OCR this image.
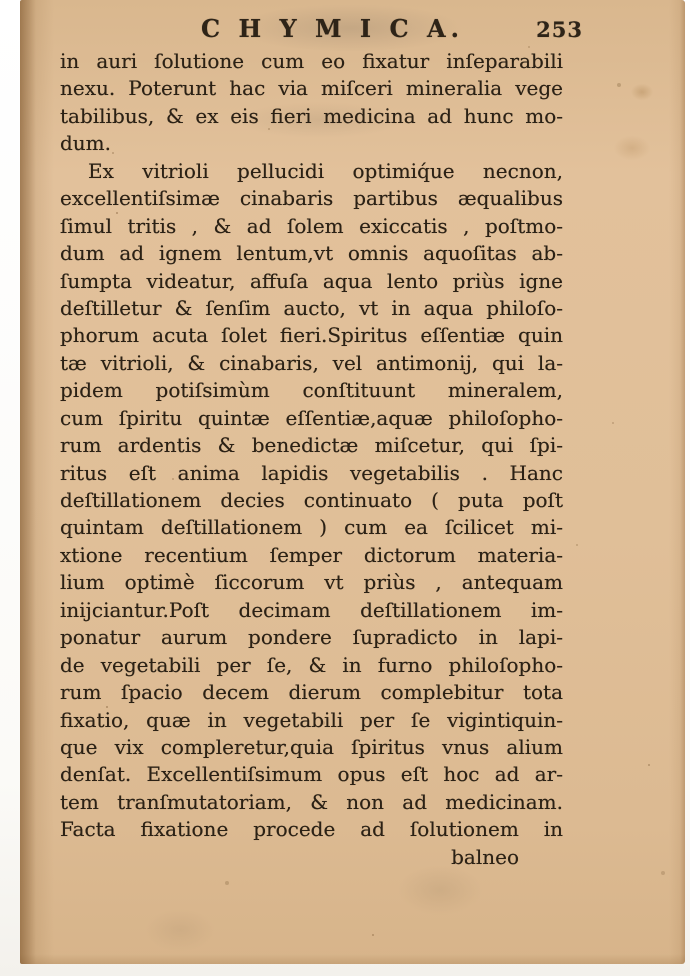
C H Y M I C A.	253
in auri ſolutione cum eo fixatur inſeparabili
nexu. Poterunt hac via miſceri mineralia vege
tabilibus, & ex eis fieri medicina ad hunc mo-
dum.
Ex vitrioli pellucidi optimiq́ue necnon,
excellentiſsimæ cinabaris partibus æqualibus
ſimul tritis , & ad ſolem exiccatis , poſtmo-
dum ad ignem lentum,vt omnis aquoſitas ab-
ſumpta videatur, affuſa aqua lento priùs igne
deſtilletur & ſenſim aucto, vt in aqua philoſo-
phorum acuta ſolet fieri.Spiritus eſſentiæ quin
tæ vitrioli, & cinabaris, vel antimonij, qui la-
pidem potiſsimùm conſtituunt mineralem,
cum ſpiritu quintæ eſſentiæ,aquæ philoſopho-
rum ardentis & benedictæ miſcetur, qui ſpi-
ritus eſt anima lapidis vegetabilis . Hanc
deſtillationem decies continuato ( puta poſt
quintam deſtillationem ) cum ea ſcilicet mi-
xtione recentium ſemper dictorum materia-
lium optimè ſiccorum vt priùs , antequam
inijciantur.Poſt decimam deſtillationem im-
ponatur aurum pondere ſupradicto in lapi-
de vegetabili per ſe, & in furno philoſopho-
rum ſpacio decem dierum complebitur tota
fixatio, quæ in vegetabili per ſe vigintiquin-
que vix compleretur,quia ſpiritus vnus alium
denſat. Excellentiſsimum opus eſt hoc ad ar-
tem tranſmutatoriam, & non ad medicinam.
Facta fixatione procede ad ſolutionem in
balneo
